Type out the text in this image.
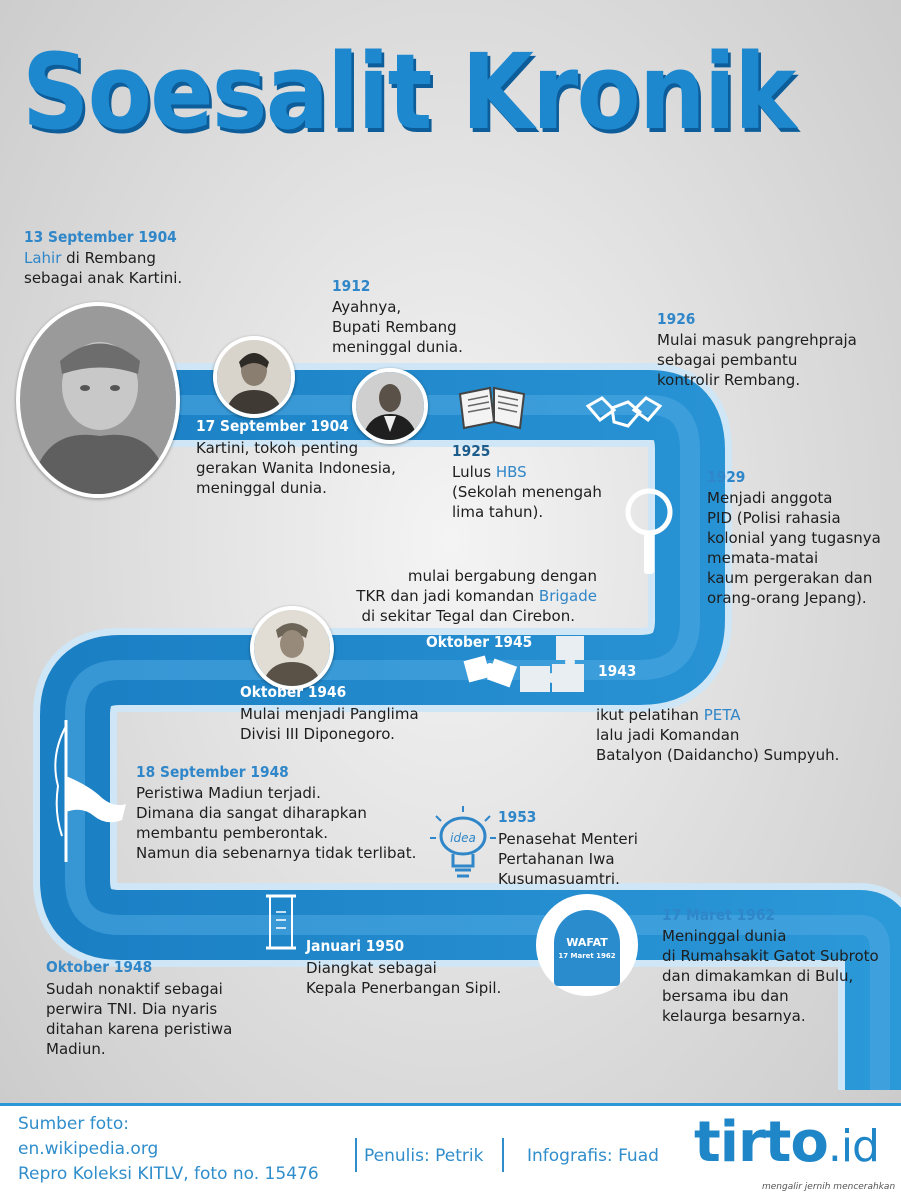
Soesalit Kronik
idea
WAFAT
17 Maret 1962
13 September 1904
Lahir di Rembang
sebagai anak Kartini.	1912
Ayahnya,
Bupati Rembang
meninggal dunia.
1926
Mulai masuk pangrehpraja
sebagai pembantu
kontrolir Rembang.
17 September 1904
Kartini, tokoh penting
gerakan Wanita Indonesia,
meninggal dunia.
1925
Lulus HBS
(Sekolah menengah
lima tahun).
1929
Menjadi anggota
PID (Polisi rahasia
kolonial yang tugasnya
memata-matai
kaum pergerakan dan
orang-orang Jepang).
mulai bergabung dengan
TKR dan jadi komandan Brigade
di sekitar Tegal dan Cirebon.
Oktober 1945
1943
ikut pelatihan PETA
lalu jadi Komandan
Batalyon (Daidancho) Sumpyuh.
Oktober 1946
Mulai menjadi Panglima
Divisi III Diponegoro.
18 September 1948
Peristiwa Madiun terjadi.
Dimana dia sangat diharapkan
membantu pemberontak.
Namun dia sebenarnya tidak terlibat.
1953
Penasehat Menteri
Pertahanan Iwa
Kusumasuamtri.
17 Maret 1962
Meninggal dunia
di Rumahsakit Gatot Subroto
dan dimakamkan di Bulu,
bersama ibu dan
kelaurga besarnya.
Januari 1950
Diangkat sebagai
Kepala Penerbangan Sipil.
Oktober 1948
Sudah nonaktif sebagai
perwira TNI. Dia nyaris
ditahan karena peristiwa
Madiun.
Sumber foto:
en.wikipedia.org
Repro Koleksi KITLV, foto no. 15476
Penulis: Petrik	Infografis: Fuad tirto.id
mengalir jernih mencerahkan
